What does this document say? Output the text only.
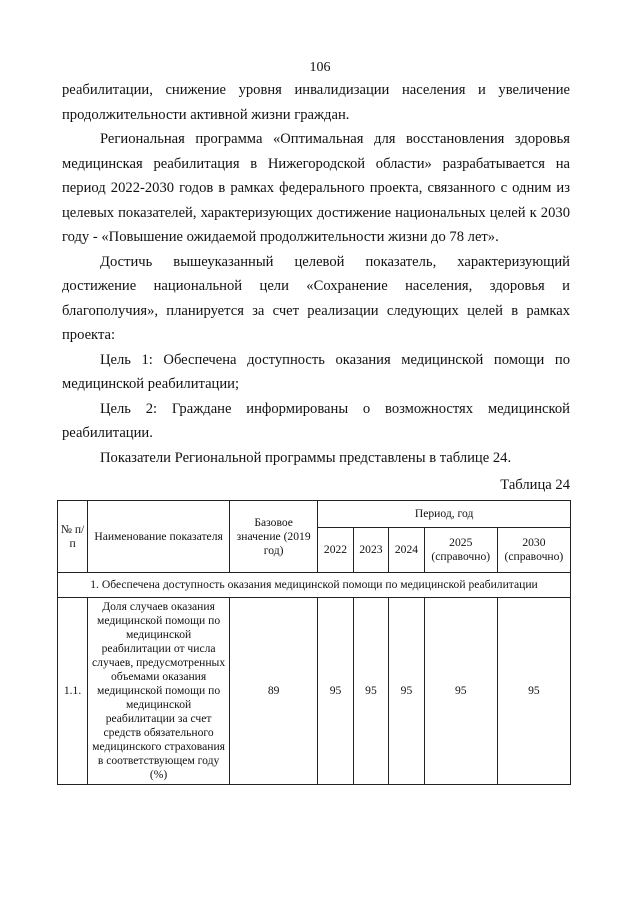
106

реабилитации, снижение уровня инвалидизации населения и увеличение продолжительности активной жизни граждан.

Региональная программа «Оптимальная для восстановления здоровья медицинская реабилитация в Нижегородской области» разрабатывается на период 2022-2030 годов в рамках федерального проекта, связанного с одним из целевых показателей, характеризующих достижение национальных целей к 2030 году - «Повышение ожидаемой продолжительности жизни до 78 лет».

Достичь вышеуказанный целевой показатель, характеризующий достижение национальной цели «Сохранение населения, здоровья и благополучия», планируется за счет реализации следующих целей в рамках проекта:

Цель 1: Обеспечена доступность оказания медицинской помощи по медицинской реабилитации;

Цель 2: Граждане информированы о возможностях медицинской реабилитации.

Показатели Региональной программы представлены в таблице 24.

Таблица 24
№ п/п	Наименование показателя	Базовое значение (2019 год)	Период, год				
			2022	2023	2024	2025 (справочно)	2030 (справочно)
1. Обеспечена доступность оказания медицинской помощи по медицинской реабилитации							
1.1.	Доля случаев оказания медицинской помощи по медицинской реабилитации от числа случаев, предусмотренных объемами оказания медицинской помощи по медицинской реабилитации за счет средств обязательного медицинского страхования в соответствующем году (%)	89	95	95	95	95	95
